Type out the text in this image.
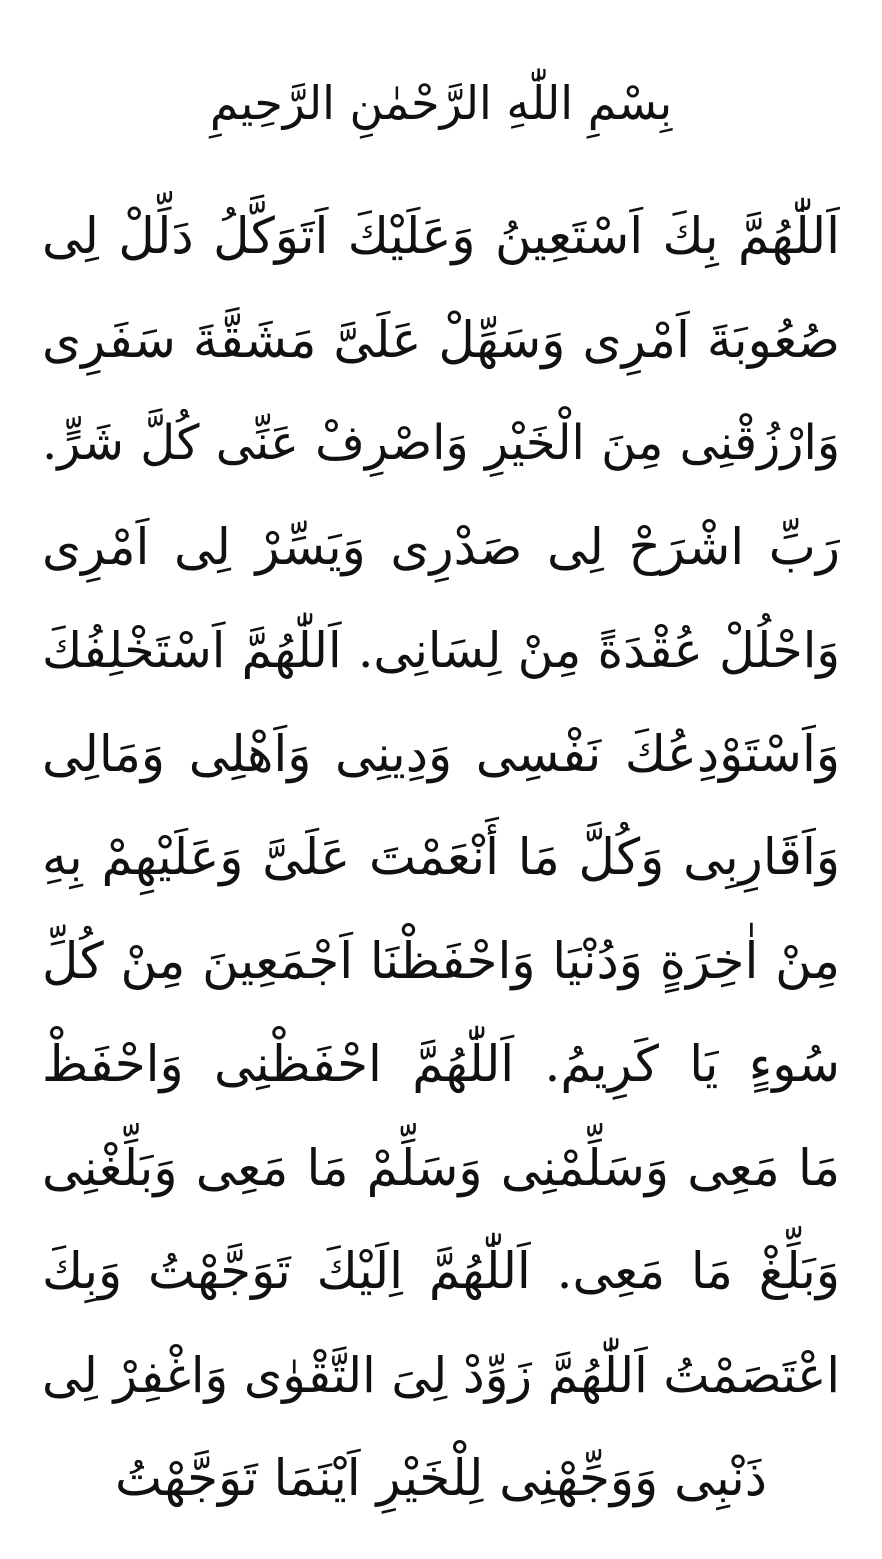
بِسْمِ اللّٰهِ الرَّحْمٰنِ الرَّحِيمِ
اَللّٰهُمَّ بِكَ اَسْتَعِينُ وَعَلَيْكَ اَتَوَكَّلُ دَلِّلْ لِى
صُعُوبَةَ اَمْرِى وَسَهِّلْ عَلَىَّ مَشَقَّةَ سَفَرِى
وَارْزُقْنِى مِنَ الْخَيْرِ وَاصْرِفْ عَنِّى كُلَّ شَرٍّ.
رَبِّ اشْرَحْ لِى صَدْرِى وَيَسِّرْ لِى اَمْرِى
وَاحْلُلْ عُقْدَةً مِنْ لِسَانِى. اَللّٰهُمَّ اَسْتَخْلِفُكَ
وَاَسْتَوْدِعُكَ نَفْسِى وَدِينِى وَاَهْلِى وَمَالِى
وَاَقَارِبِى وَكُلَّ مَا أَنْعَمْتَ عَلَىَّ وَعَلَيْهِمْ بِهِ
مِنْ اٰخِرَةٍ وَدُنْيَا وَاحْفَظْنَا اَجْمَعِينَ مِنْ كُلِّ
سُوءٍ يَا كَرِيمُ. اَللّٰهُمَّ احْفَظْنِى وَاحْفَظْ
مَا مَعِى وَسَلِّمْنِى وَسَلِّمْ مَا مَعِى وَبَلِّغْنِى
وَبَلِّغْ مَا مَعِى. اَللّٰهُمَّ اِلَيْكَ تَوَجَّهْتُ وَبِكَ
اعْتَصَمْتُ اَللّٰهُمَّ زَوِّدْ لِىَ التَّقْوٰى وَاغْفِرْ لِى
ذَنْبِى وَوَجِّهْنِى لِلْخَيْرِ اَيْنَمَا تَوَجَّهْتُ
